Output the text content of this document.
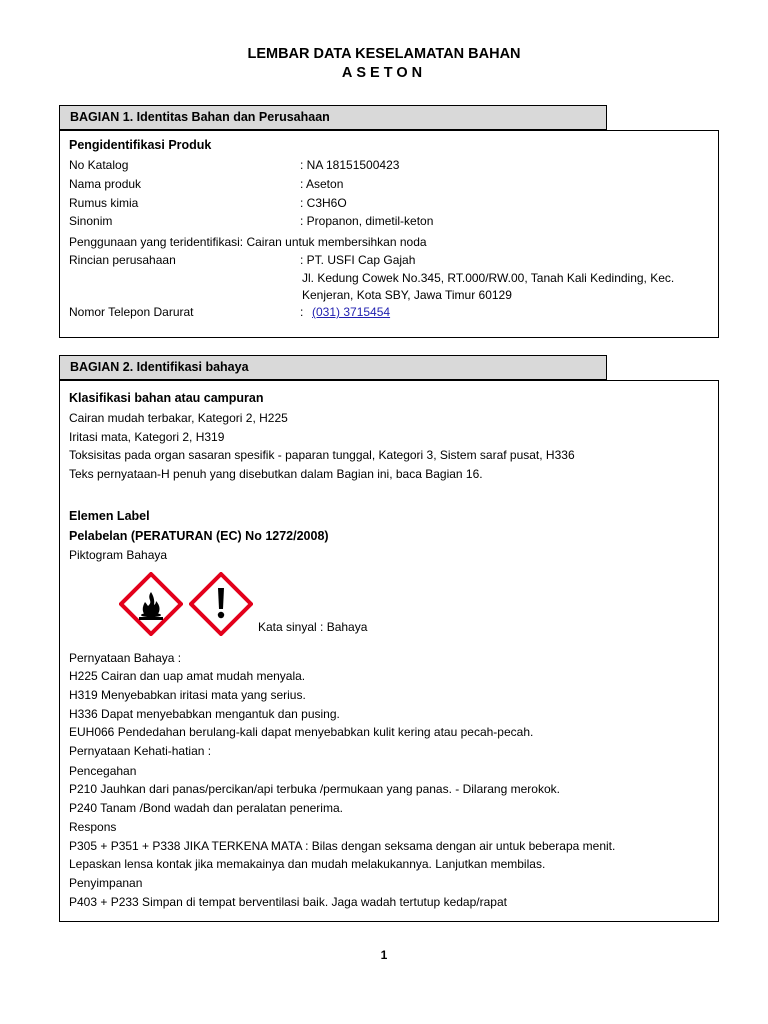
LEMBAR DATA KESELAMATAN BAHAN
ASETON
BAGIAN 1. Identitas Bahan dan Perusahaan
Pengidentifikasi Produk
No Katalog	: NA 18151500423
Nama produk	: Aseton
Rumus kimia	: C3H6O
Sinonim	: Propanon, dimetil-keton
Penggunaan yang teridentifikasi: Cairan untuk membersihkan noda
Rincian perusahaan	: PT. USFI Cap Gajah
Jl. Kedung Cowek No.345, RT.000/RW.00, Tanah Kali Kedinding, Kec.
Kenjeran, Kota SBY, Jawa Timur 60129
Nomor Telepon Darurat	: (031) 3715454
BAGIAN 2. Identifikasi bahaya
Klasifikasi bahan atau campuran
Cairan mudah terbakar, Kategori 2, H225
Iritasi mata, Kategori 2, H319
Toksisitas pada organ sasaran spesifik - paparan tunggal, Kategori 3, Sistem saraf pusat, H336
Teks pernyataan-H penuh yang disebutkan dalam Bagian ini, baca Bagian 16.
Elemen Label
Pelabelan (PERATURAN (EC) No 1272/2008)
Piktogram Bahaya
Kata sinyal : Bahaya
Pernyataan Bahaya :
H225 Cairan dan uap amat mudah menyala.
H319 Menyebabkan iritasi mata yang serius.
H336 Dapat menyebabkan mengantuk dan pusing.
EUH066 Pendedahan berulang-kali dapat menyebabkan kulit kering atau pecah-pecah.
Pernyataan Kehati-hatian :
Pencegahan
P210 Jauhkan dari panas/percikan/api terbuka /permukaan yang panas. - Dilarang merokok.
P240 Tanam /Bond wadah dan peralatan penerima.
Respons
P305 + P351 + P338 JIKA TERKENA MATA : Bilas dengan seksama dengan air untuk beberapa menit.
Lepaskan lensa kontak jika memakainya dan mudah melakukannya. Lanjutkan membilas.
Penyimpanan
P403 + P233 Simpan di tempat berventilasi baik. Jaga wadah tertutup kedap/rapat
1
